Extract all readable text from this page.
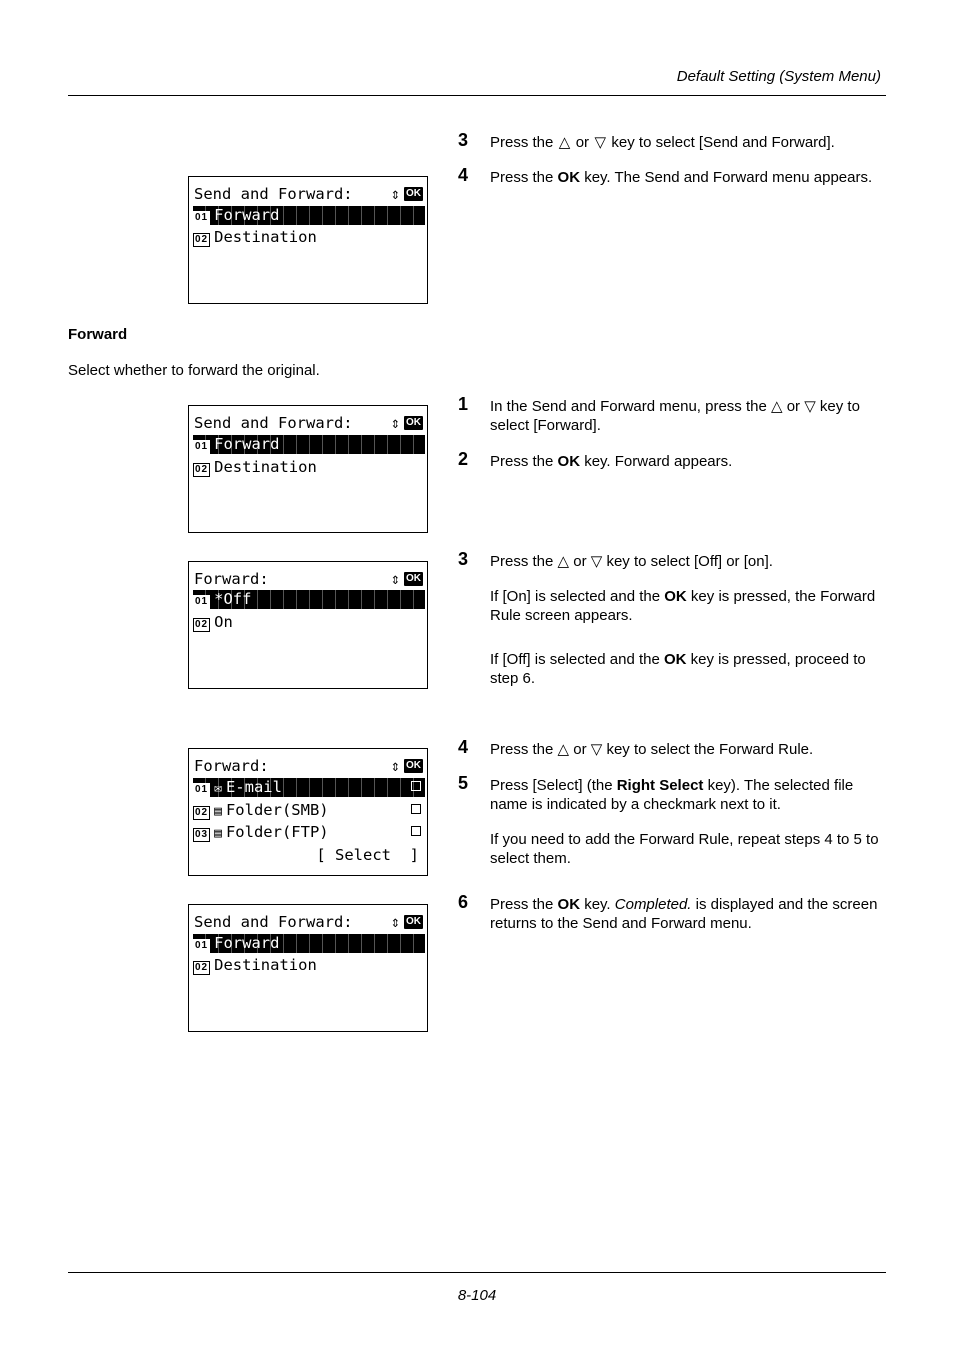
Default Setting (System Menu)
3 Press the △ or ▽ key to select [Send and Forward].
4 Press the OK key. The Send and Forward menu appears.
Send and Forward: ⇕ OK
01 Forward
02 Destination
Forward
Select whether to forward the original.
Send and Forward: ⇕ OK
01 Forward
02 Destination
1 In the Send and Forward menu, press the △ or ▽ key to select [Forward].
2 Press the OK key. Forward appears.
Forward:	⇕ OK
01 *Off
02 On
3 Press the △ or ▽ key to select [Off] or [on].
If [On] is selected and the OK key is pressed, the Forward Rule screen appears.
If [Off] is selected and the OK key is pressed, proceed to step 6.
Forward:	⇕ OK
01 ✉ E-mail
02 ▤ Folder(SMB)
03 ▤ Folder(FTP)
[ Select  ]
4 Press the △ or ▽ key to select the Forward Rule.
5 Press [Select] (the Right Select key). The selected file name is indicated by a checkmark next to it.
If you need to add the Forward Rule, repeat steps 4 to 5 to select them.
Send and Forward: ⇕ OK
01 Forward
02 Destination
6 Press the OK key. Completed. is displayed and the screen returns to the Send and Forward menu.
8-104
